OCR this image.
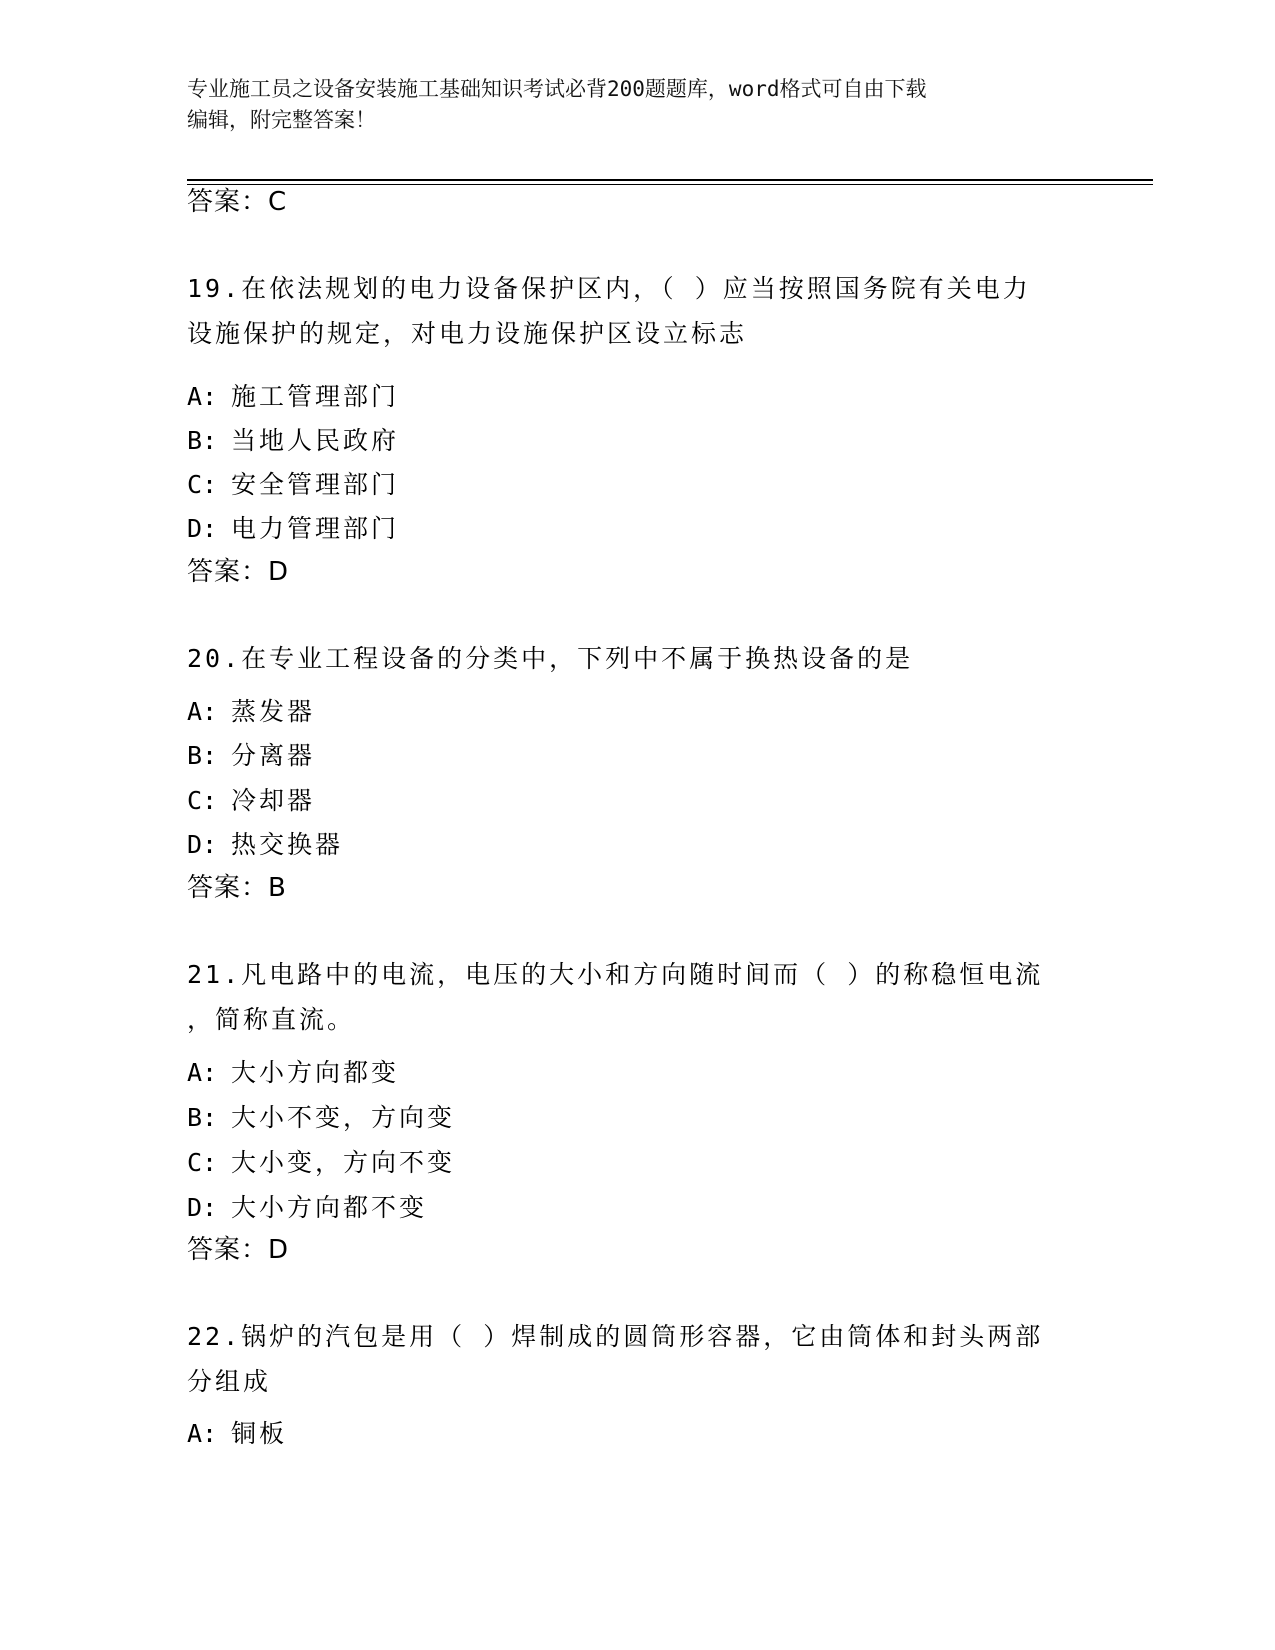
专业施工员之设备安装施工基础知识考试必背200题题库，word格式可自由下载
编辑，附完整答案！
答案：C
19.在依法规划的电力设备保护区内，（ ）应当按照国务院有关电力
设施保护的规定，对电力设施保护区设立标志
A: 施工管理部门
B: 当地人民政府
C: 安全管理部门
D: 电力管理部门
答案：D
20.在专业工程设备的分类中，下列中不属于换热设备的是
A: 蒸发器
B: 分离器
C: 冷却器
D: 热交换器
答案：B
21.凡电路中的电流，电压的大小和方向随时间而（ ）的称稳恒电流
，简称直流。
A: 大小方向都变
B: 大小不变，方向变
C: 大小变，方向不变
D: 大小方向都不变
答案：D
22.锅炉的汽包是用（ ）焊制成的圆筒形容器，它由筒体和封头两部
分组成
A: 铜板
